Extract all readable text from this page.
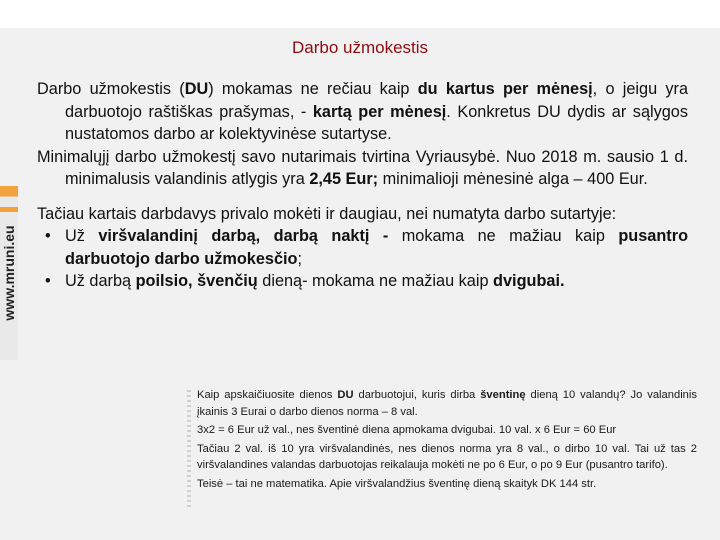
Darbo užmokestis
www.mruni.eu

Darbo užmokestis (DU) mokamas ne rečiau kaip du kartus per mėnesį, o jeigu yra darbuotojo raštiškas prašymas, - kartą per mėnesį. Konkretus DU dydis ar sąlygos nustatomos darbo ar kolektyvinėse sutartyse.

Minimalųjį darbo užmokestį savo nutarimais tvirtina Vyriausybė. Nuo 2018 m. sausio 1 d. minimalusis valandinis atlygis yra 2,45 Eur; minimalioji mėnesinė alga – 400 Eur.

Tačiau kartais darbdavys privalo mokėti ir daugiau, nei numatyta darbo sutartyje:

• Už viršvalandinį darbą, darbą naktį - mokama ne mažiau kaip pusantro darbuotojo darbo užmokesčio;

• Už darbą poilsio, švenčių dieną- mokama ne mažiau kaip dvigubai.

Kaip apskaičiuosite dienos DU darbuotojui, kuris dirba šventinę dieną 10 valandų? Jo valandinis įkainis 3 Eurai o darbo dienos norma – 8 val.

3x2 = 6 Eur už val., nes šventinė diena apmokama dvigubai. 10 val. x 6 Eur = 60 Eur

Tačiau 2 val. iš 10 yra viršvalandinės, nes dienos norma yra 8 val., o dirbo 10 val. Tai už tas 2 viršvalandines valandas darbuotojas reikalauja mokėti ne po 6 Eur, o po 9 Eur (pusantro tarifo).

Teisė – tai ne matematika. Apie viršvalandžius šventinę dieną skaityk DK 144 str.
